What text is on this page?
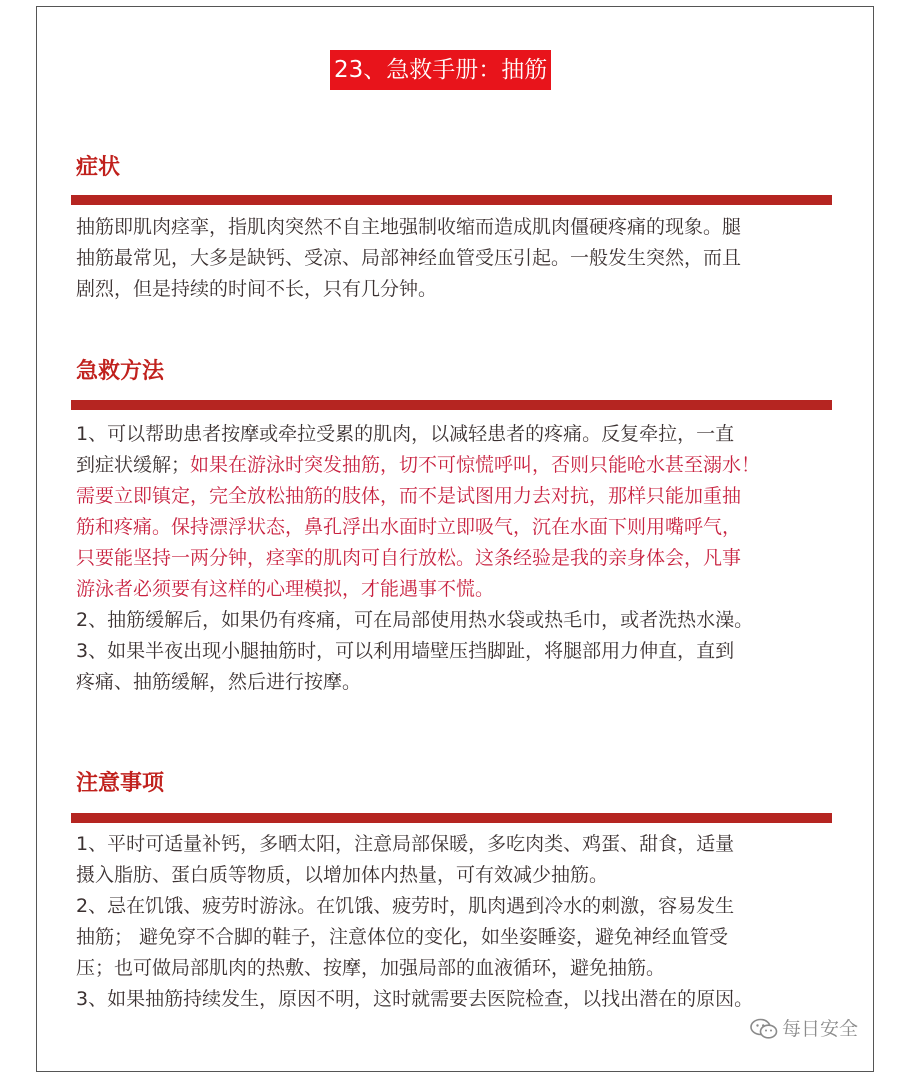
23、急救手册：抽筋
症状
抽筋即肌肉痉挛，指肌肉突然不自主地强制收缩而造成肌肉僵硬疼痛的现象。腿
抽筋最常见，大多是缺钙、受凉、局部神经血管受压引起。一般发生突然，而且
剧烈，但是持续的时间不长，只有几分钟。
急救方法
1、可以帮助患者按摩或牵拉受累的肌肉，以减轻患者的疼痛。反复牵拉，一直
到症状缓解；如果在游泳时突发抽筋，切不可惊慌呼叫，否则只能呛水甚至溺水！
需要立即镇定，完全放松抽筋的肢体，而不是试图用力去对抗，那样只能加重抽
筋和疼痛。保持漂浮状态，鼻孔浮出水面时立即吸气，沉在水面下则用嘴呼气，
只要能坚持一两分钟，痉挛的肌肉可自行放松。这条经验是我的亲身体会，凡事
游泳者必须要有这样的心理模拟，才能遇事不慌。
2、抽筋缓解后，如果仍有疼痛，可在局部使用热水袋或热毛巾，或者洗热水澡。
3、如果半夜出现小腿抽筋时，可以利用墙壁压挡脚趾，将腿部用力伸直，直到
疼痛、抽筋缓解，然后进行按摩。
注意事项
1、平时可适量补钙，多晒太阳，注意局部保暖，多吃肉类、鸡蛋、甜食，适量
摄入脂肪、蛋白质等物质，以增加体内热量，可有效减少抽筋。
2、忌在饥饿、疲劳时游泳。在饥饿、疲劳时，肌肉遇到冷水的刺激，容易发生
抽筋； 避免穿不合脚的鞋子，注意体位的变化，如坐姿睡姿，避免神经血管受
压；也可做局部肌肉的热敷、按摩，加强局部的血液循环，避免抽筋。
3、如果抽筋持续发生，原因不明，这时就需要去医院检查，以找出潜在的原因。
每日安全
